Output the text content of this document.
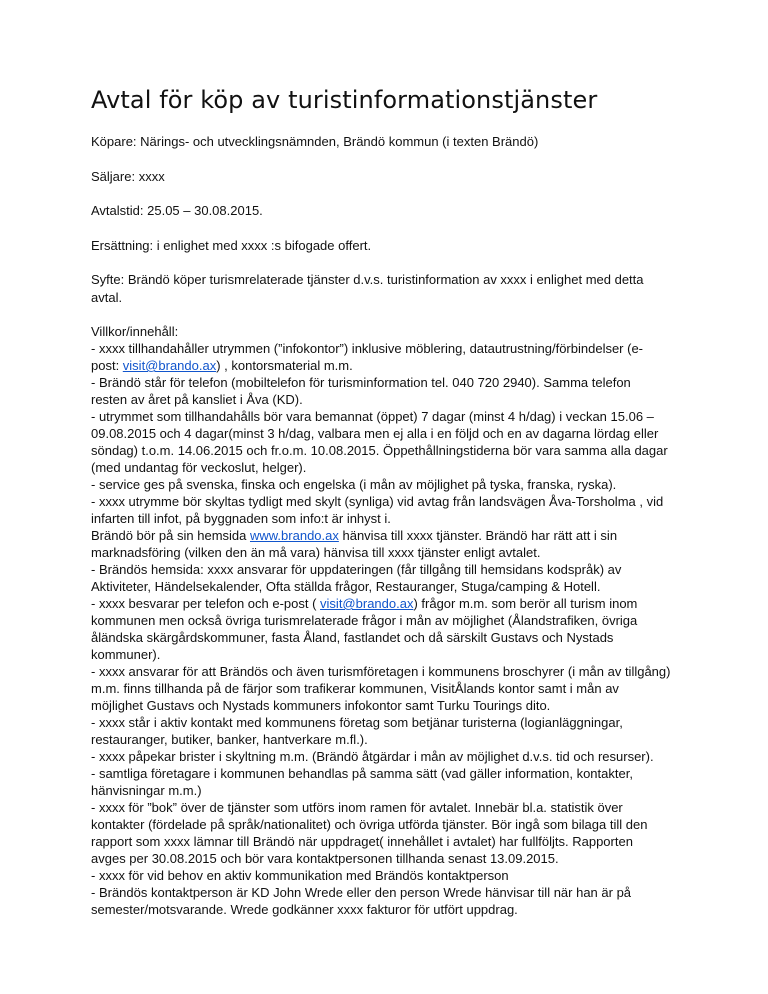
Avtal för köp av turistinformationstjänster
Köpare: Närings- och utvecklingsnämnden, Brändö kommun (i texten Brändö)
Säljare: xxxx
Avtalstid: 25.05 – 30.08.2015.
Ersättning: i enlighet med xxxx :s bifogade offert.
Syfte: Brändö köper turismrelaterade tjänster d.v.s. turistinformation av xxxx i enlighet med detta
avtal.
Villkor/innehåll:
- xxxx tillhandahåller utrymmen (”infokontor”) inklusive möblering, datautrustning/förbindelser (e-
post: visit@brando.ax) , kontorsmaterial m.m.
- Brändö står för telefon (mobiltelefon för turisminformation tel. 040 720 2940). Samma telefon
resten av året på kansliet i Åva (KD).
- utrymmet som tillhandahålls bör vara bemannat (öppet) 7 dagar (minst 4 h/dag) i veckan 15.06 –
09.08.2015 och 4 dagar(minst 3 h/dag, valbara men ej alla i en följd och en av dagarna lördag eller
söndag) t.o.m. 14.06.2015 och fr.o.m. 10.08.2015. Öppethållningstiderna bör vara samma alla dagar
(med undantag för veckoslut, helger).
- service ges på svenska, finska och engelska (i mån av möjlighet på tyska, franska, ryska).
- xxxx utrymme bör skyltas tydligt med skylt (synliga) vid avtag från landsvägen Åva-Torsholma , vid
infarten till infot, på byggnaden som info:t är inhyst i.
Brändö bör på sin hemsida www.brando.ax hänvisa till xxxx tjänster. Brändö har rätt att i sin
marknadsföring (vilken den än må vara) hänvisa till xxxx tjänster enligt avtalet.
- Brändös hemsida: xxxx ansvarar för uppdateringen (får tillgång till hemsidans kodspråk) av
Aktiviteter, Händelsekalender, Ofta ställda frågor, Restauranger, Stuga/camping & Hotell.
- xxxx besvarar per telefon och e-post ( visit@brando.ax) frågor m.m. som berör all turism inom
kommunen men också övriga turismrelaterade frågor i mån av möjlighet (Ålandstrafiken, övriga
åländska skärgårdskommuner, fasta Åland, fastlandet och då särskilt Gustavs och Nystads
kommuner).
- xxxx ansvarar för att Brändös och även turismföretagen i kommunens broschyrer (i mån av tillgång)
m.m. finns tillhanda på de färjor som trafikerar kommunen, VisitÅlands kontor samt i mån av
möjlighet Gustavs och Nystads kommuners infokontor samt Turku Tourings dito.
- xxxx står i aktiv kontakt med kommunens företag som betjänar turisterna (logianläggningar,
restauranger, butiker, banker, hantverkare m.fl.).
- xxxx påpekar brister i skyltning m.m. (Brändö åtgärdar i mån av möjlighet d.v.s. tid och resurser).
- samtliga företagare i kommunen behandlas på samma sätt (vad gäller information, kontakter,
hänvisningar m.m.)
- xxxx för ”bok” över de tjänster som utförs inom ramen för avtalet. Innebär bl.a. statistik över
kontakter (fördelade på språk/nationalitet) och övriga utförda tjänster. Bör ingå som bilaga till den
rapport som xxxx lämnar till Brändö när uppdraget( innehållet i avtalet) har fullföljts. Rapporten
avges per 30.08.2015 och bör vara kontaktpersonen tillhanda senast 13.09.2015.
- xxxx för vid behov en aktiv kommunikation med Brändös kontaktperson
- Brändös kontaktperson är KD John Wrede eller den person Wrede hänvisar till när han är på
semester/motsvarande. Wrede godkänner xxxx fakturor för utfört uppdrag.
